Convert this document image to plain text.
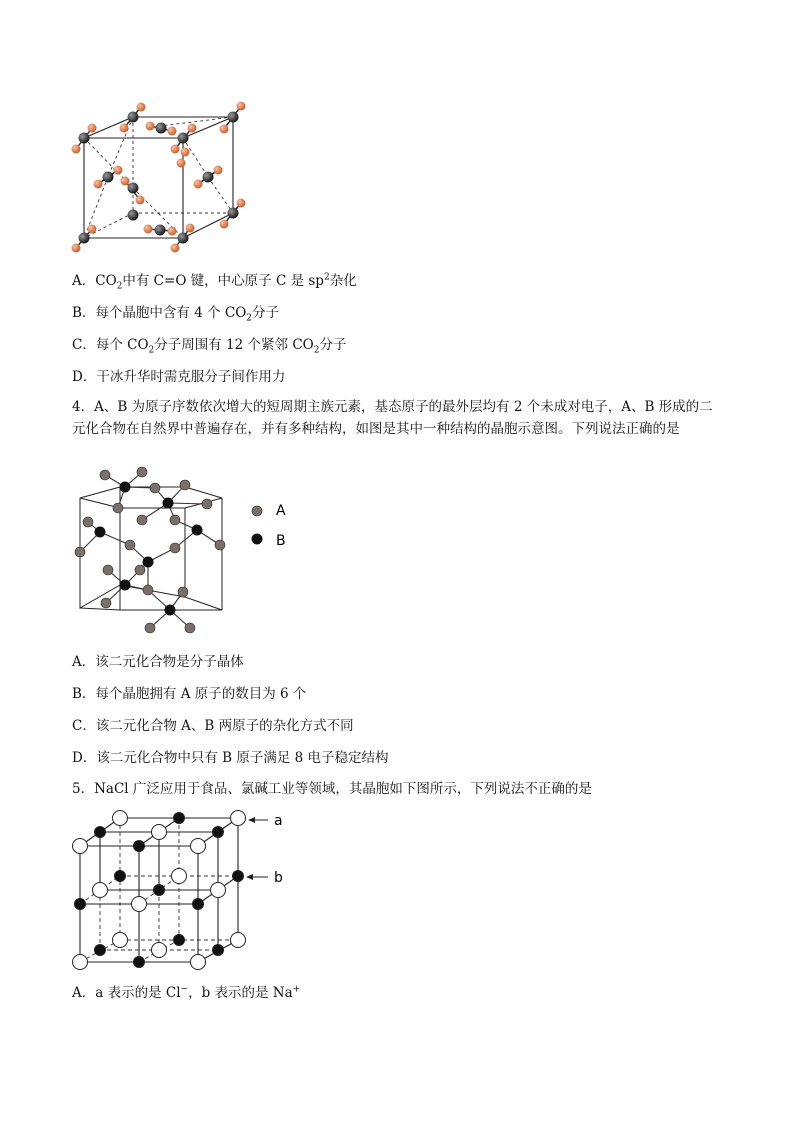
A．$CO_2$中有 C=O 键，中心原子 C 是 $sp^2$杂化
B．每个晶胞中含有 4 个 $CO_2$分子
C．每个 $CO_2$分子周围有 12 个紧邻 $CO_2$分子
D．干冰升华时需克服分子间作用力
4．A、B 为原子序数依次增大的短周期主族元素，基态原子的最外层均有 2 个未成对电子，A、B 形成的二元化合物在自然界中普遍存在，并有多种结构，如图是其中一种结构的晶胞示意图。下列说法正确的是
A
B
A．该二元化合物是分子晶体
B．每个晶胞拥有 A 原子的数目为 6 个
C．该二元化合物 A、B 两原子的杂化方式不同
D．该二元化合物中只有 B 原子满足 8 电子稳定结构
5．NaCl 广泛应用于食品、氯碱工业等领域，其晶胞如下图所示，下列说法不正确的是
a
b
A．a 表示的是 Cl−，b 表示的是 Na+
